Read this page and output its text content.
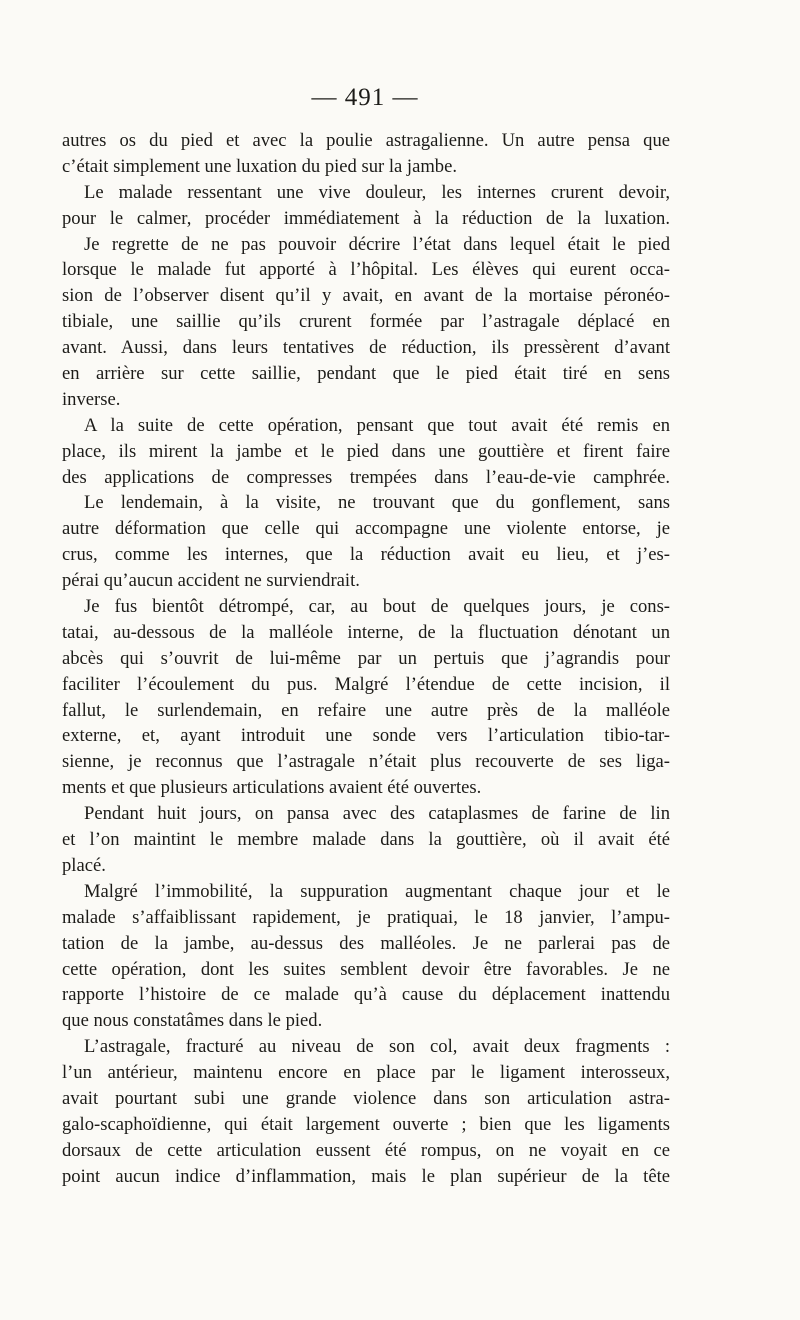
— 491 —
autres os du pied et avec la poulie astragalienne. Un autre pensa que
c’était simplement une luxation du pied sur la jambe.
Le malade ressentant une vive douleur, les internes crurent devoir,
pour le calmer, procéder immédiatement à la réduction de la luxation.
Je regrette de ne pas pouvoir décrire l’état dans lequel était le pied
lorsque le malade fut apporté à l’hôpital. Les élèves qui eurent occa-
sion de l’observer disent qu’il y avait, en avant de la mortaise péronéo-
tibiale, une saillie qu’ils crurent formée par l’astragale déplacé en
avant. Aussi, dans leurs tentatives de réduction, ils pressèrent d’avant
en arrière sur cette saillie, pendant que le pied était tiré en sens
inverse.
A la suite de cette opération, pensant que tout avait été remis en
place, ils mirent la jambe et le pied dans une gouttière et firent faire
des applications de compresses trempées dans l’eau-de-vie camphrée.
Le lendemain, à la visite, ne trouvant que du gonflement, sans
autre déformation que celle qui accompagne une violente entorse, je
crus, comme les internes, que la réduction avait eu lieu, et j’es-
pérai qu’aucun accident ne surviendrait.
Je fus bientôt détrompé, car, au bout de quelques jours, je cons-
tatai, au-dessous de la malléole interne, de la fluctuation dénotant un
abcès qui s’ouvrit de lui-même par un pertuis que j’agrandis pour
faciliter l’écoulement du pus. Malgré l’étendue de cette incision, il
fallut, le surlendemain, en refaire une autre près de la malléole
externe, et, ayant introduit une sonde vers l’articulation tibio-tar-
sienne, je reconnus que l’astragale n’était plus recouverte de ses liga-
ments et que plusieurs articulations avaient été ouvertes.
Pendant huit jours, on pansa avec des cataplasmes de farine de lin
et l’on maintint le membre malade dans la gouttière, où il avait été
placé.
Malgré l’immobilité, la suppuration augmentant chaque jour et le
malade s’affaiblissant rapidement, je pratiquai, le 18 janvier, l’ampu-
tation de la jambe, au-dessus des malléoles. Je ne parlerai pas de
cette opération, dont les suites semblent devoir être favorables. Je ne
rapporte l’histoire de ce malade qu’à cause du déplacement inattendu
que nous constatâmes dans le pied.
L’astragale, fracturé au niveau de son col, avait deux fragments :
l’un antérieur, maintenu encore en place par le ligament interosseux,
avait pourtant subi une grande violence dans son articulation astra-
galo-scaphoïdienne, qui était largement ouverte ; bien que les ligaments
dorsaux de cette articulation eussent été rompus, on ne voyait en ce
point aucun indice d’inflammation, mais le plan supérieur de la tête
